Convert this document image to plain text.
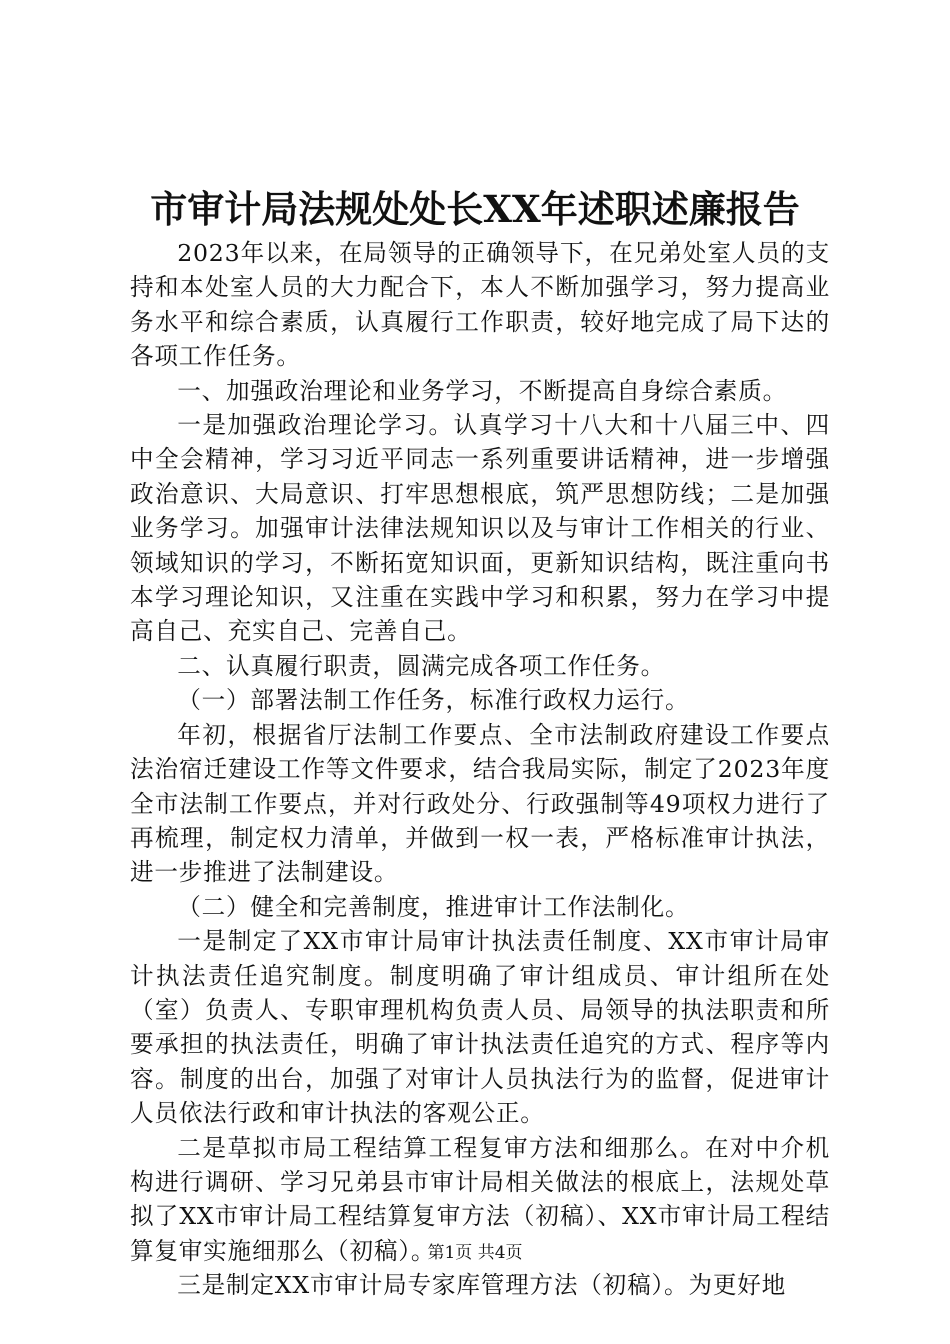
市审计局法规处处长XX年述职述廉报告

2023年以来，在局领导的正确领导下，在兄弟处室人员的支持和本处室人员的大力配合下，本人不断加强学习，努力提高业务水平和综合素质，认真履行工作职责，较好地完成了局下达的各项工作任务。

一、加强政治理论和业务学习，不断提高自身综合素质。

一是加强政治理论学习。认真学习十八大和十八届三中、四中全会精神，学习习近平同志一系列重要讲话精神，进一步增强政治意识、大局意识、打牢思想根底，筑严思想防线；二是加强业务学习。加强审计法律法规知识以及与审计工作相关的行业、领域知识的学习，不断拓宽知识面，更新知识结构，既注重向书本学习理论知识，又注重在实践中学习和积累，努力在学习中提高自己、充实自己、完善自己。

二、认真履行职责，圆满完成各项工作任务。

（一）部署法制工作任务，标准行政权力运行。

年初，根据省厅法制工作要点、全市法制政府建设工作要点法治宿迁建设工作等文件要求，结合我局实际，制定了2023年度全市法制工作要点，并对行政处分、行政强制等49项权力进行了再梳理，制定权力清单，并做到一权一表，严格标准审计执法，进一步推进了法制建设。

（二）健全和完善制度，推进审计工作法制化。

一是制定了XX市审计局审计执法责任制度、XX市审计局审计执法责任追究制度。制度明确了审计组成员、审计组所在处（室）负责人、专职审理机构负责人员、局领导的执法职责和所要承担的执法责任，明确了审计执法责任追究的方式、程序等内容。制度的出台，加强了对审计人员执法行为的监督，促进审计人员依法行政和审计执法的客观公正。

二是草拟市局工程结算工程复审方法和细那么。在对中介机构进行调研、学习兄弟县市审计局相关做法的根底上，法规处草拟了XX市审计局工程结算复审方法（初稿）、XX市审计局工程结算复审实施细那么（初稿）。

三是制定XX市审计局专家库管理方法（初稿）。为更好地

第1页 共4页
